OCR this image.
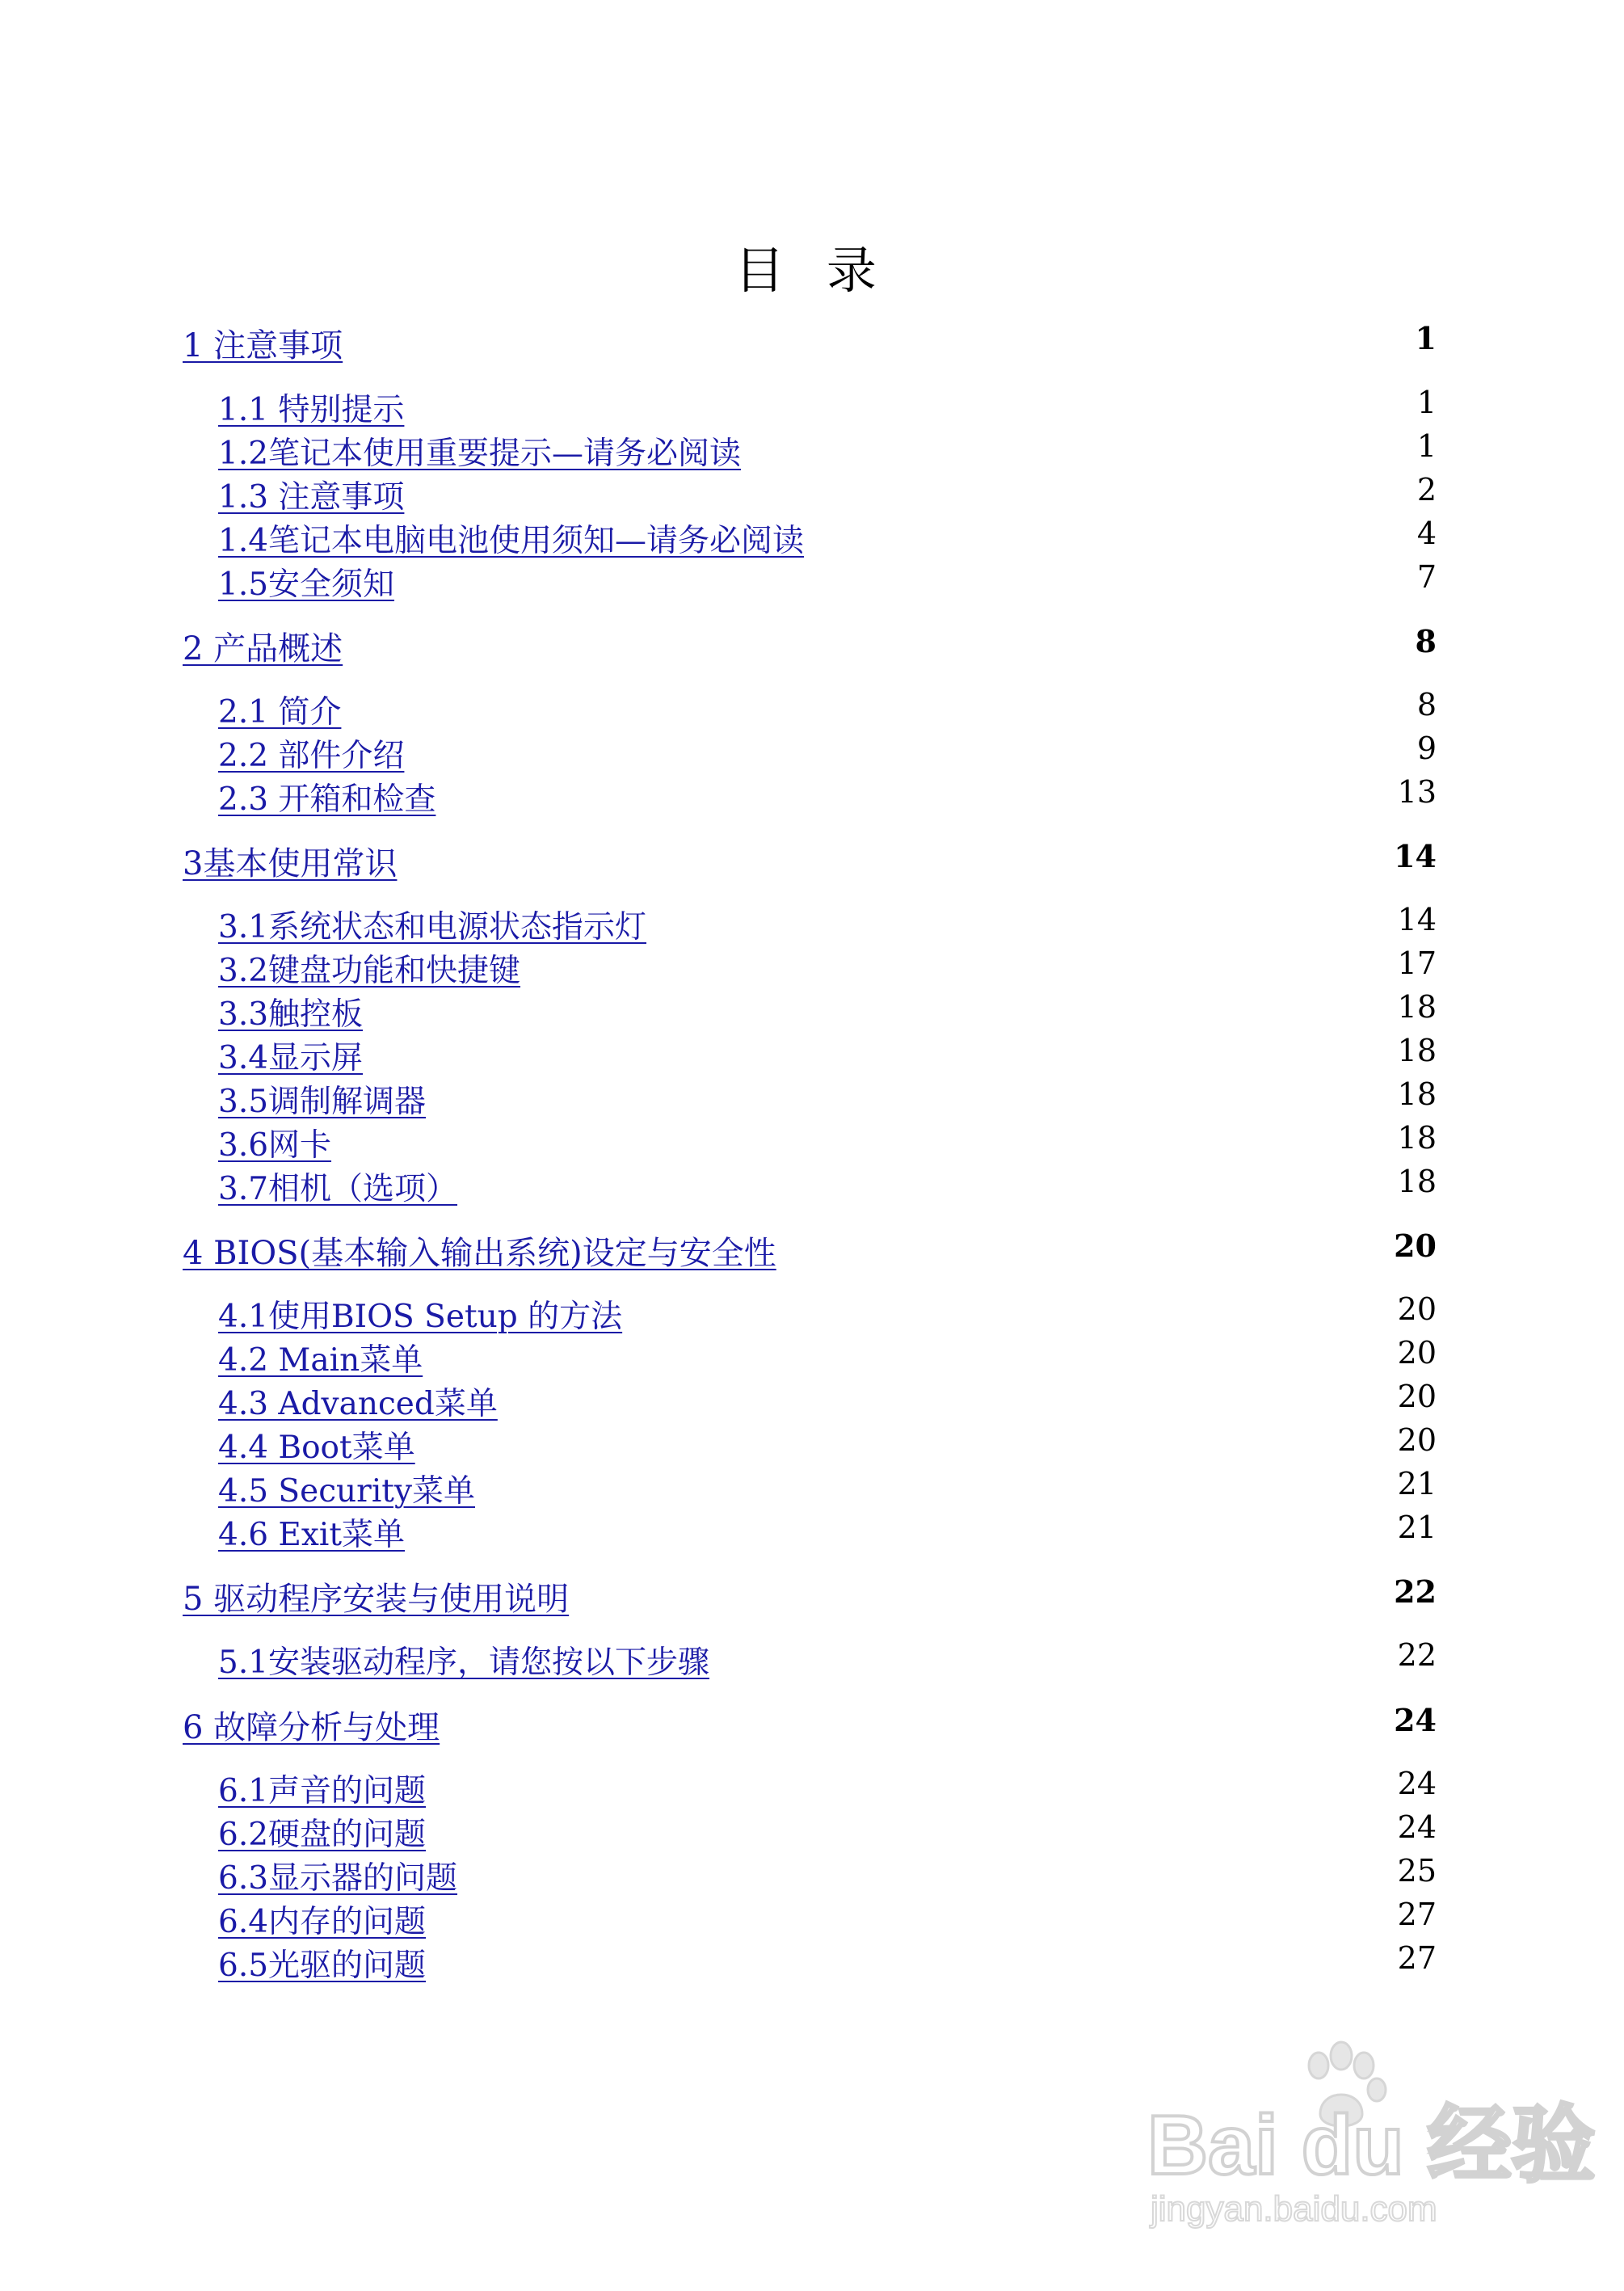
目 录
1 注意事项	1
1.1 特别提示	1
1.2笔记本使用重要提示—请务必阅读	1
1.3 注意事项	2
1.4笔记本电脑电池使用须知—请务必阅读	4
1.5安全须知	7
2 产品概述	8
2.1 简介	8
2.2 部件介绍	9
2.3 开箱和检查	13
3基本使用常识	14
3.1系统状态和电源状态指示灯	14
3.2键盘功能和快捷键	17
3.3触控板	18
3.4显示屏	18
3.5调制解调器	18
3.6网卡	18
3.7相机（选项）	18
4 BIOS(基本输入输出系统)设定与安全性	20
4.1使用BIOS Setup 的方法	20
4.2 Main菜单	20
4.3 Advanced菜单	20
4.4 Boot菜单	20
4.5 Security菜单	21
4.6 Exit菜单	21
5 驱动程序安装与使用说明	22
5.1安装驱动程序，请您按以下步骤	22
6 故障分析与处理	24
6.1声音的问题	24
6.2硬盘的问题	24
6.3显示器的问题	25
6.4内存的问题	27
6.5光驱的问题	27
Bai du 经验
jingyan.baidu.com
